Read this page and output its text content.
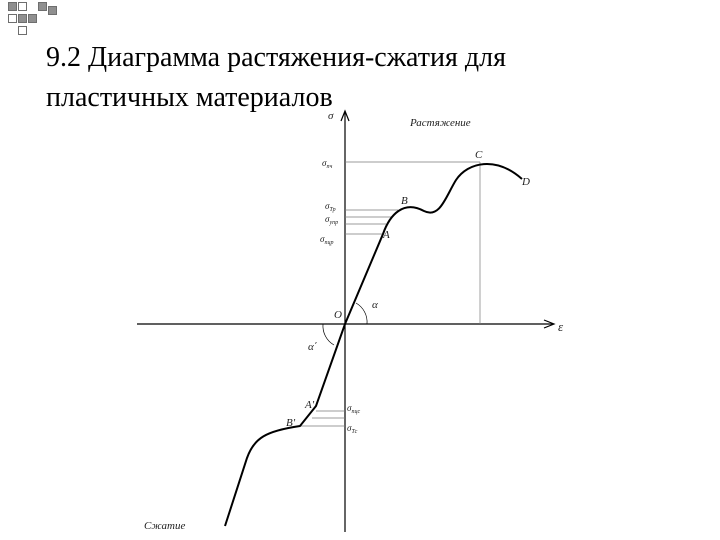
9.2 Диаграмма растяжения-сжатия для
пластичных материалов
σ
ε
Растяжение
Сжатие
O
α
α΄
C
D
B
A
A'
B'
$\sigma_{пч}$
$\sigma_{Тр}$
$\sigma_{упр}$
$\sigma_{пцр}$
$\sigma_{пцс}$
$\sigma_{Тс}$
